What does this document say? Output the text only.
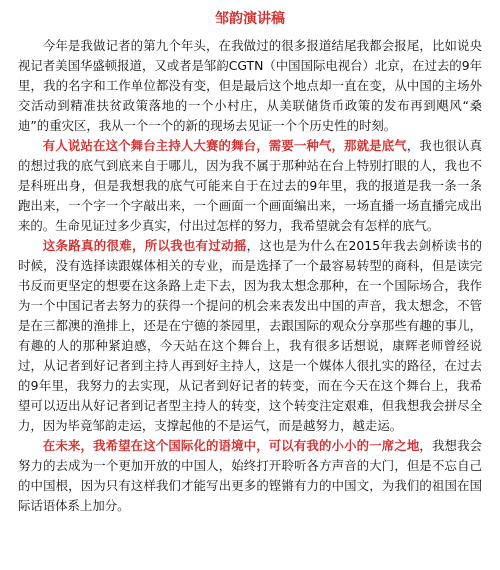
邹韵演讲稿

今年是我做记者的第九个年头，在我做过的很多报道结尾我都会报尾，比如说央视记者美国华盛顿报道，又或者是邹韵CGTN（中国国际电视台）北京，在过去的9年里，我的名字和工作单位都没有变，但是最后这个地点却一直在变，从中国的主场外交活动到精准扶贫政策落地的一个小村庄，从美联储货币政策的发布再到飓风“桑迪”的重灾区，我从一个一个的新的现场去见证一个个历史性的时刻。

有人说站在这个舞台主持人大赛的舞台，需要一种气，那就是底气，我也很认真的想过我的底气到底来自于哪儿，因为我不属于那种站在台上特别打眼的人，我也不是科班出身，但是我想我的底气可能来自于在过去的9年里，我的报道是我一条一条跑出来，一个字一个字敲出来，一个画面一个画面编出来，一场直播一场直播完成出来的。生命见证过多少真实，付出过怎样的努力，我希望就会有怎样的底气。

这条路真的很难，所以我也有过动摇，这也是为什么在2015年我去剑桥读书的时候，没有选择读跟媒体相关的专业，而是选择了一个最容易转型的商科，但是读完书反而更坚定的想要在这条路上走下去，因为我太想念那种，在一个国际场合，我作为一个中国记者去努力的获得一个提问的机会来表发出中国的声音，我太想念，不管是在三都澳的渔排上，还是在宁德的茶园里，去跟国际的观众分享那些有趣的事儿，有趣的人的那种紧迫感，今天站在这个舞台上，我有很多话想说，康辉老师曾经说过，从记者到好记者到主持人再到好主持人，这是一个媒体人很扎实的路径，在过去的9年里，我努力的去实现，从记者到好记者的转变，而在今天在这个舞台上，我希望可以迈出从好记者到记者型主持人的转变，这个转变注定艰难，但我想我会拼尽全力，因为毕竟邹韵走运，支撑起他的不是运气，而是越努力，越走运。

在未来，我希望在这个国际化的语境中，可以有我的小小的一席之地，我想我会努力的去成为一个更加开放的中国人，始终打开聆听各方声音的大门，但是不忘自己的中国根，因为只有这样我们才能写出更多的铿锵有力的中国文，为我们的祖国在国际话语体系上加分。
